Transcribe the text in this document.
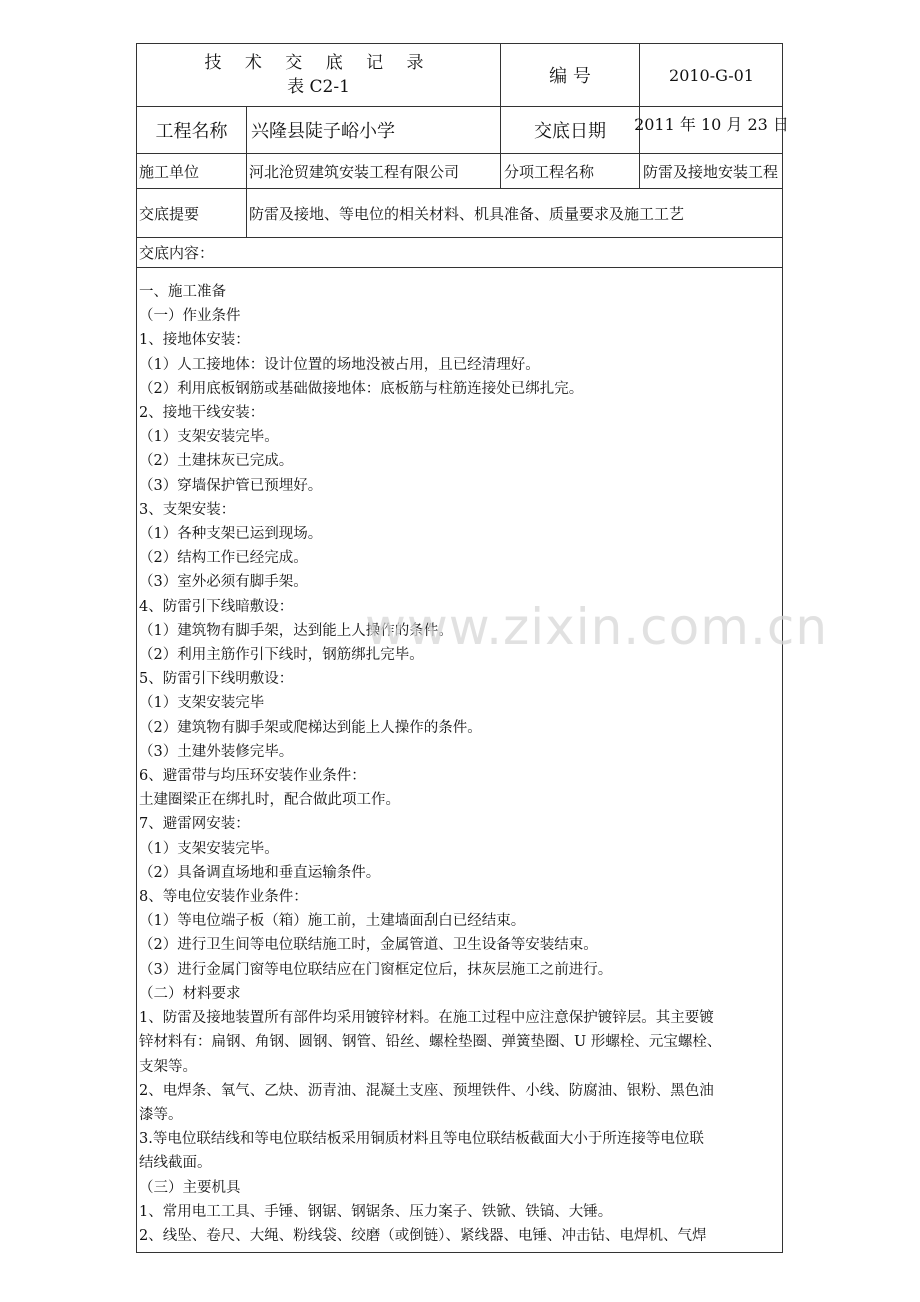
技 术 交 底 记 录
表 C2-1	编 号	2010-G-01
工程名称	兴隆县陡子峪小学	交底日期	2011 年 10 月 23 日
施工单位	河北沧贸建筑安装工程有限公司	分项工程名称	防雷及接地安装工程
交底提要	防雷及接地、等电位的相关材料、机具准备、质量要求及施工工艺
交底内容：
一、施工准备
（一）作业条件
1、接地体安装：
（1）人工接地体：设计位置的场地没被占用，且已经清理好。
（2）利用底板钢筋或基础做接地体：底板筋与柱筋连接处已绑扎完。
2、接地干线安装：
（1）支架安装完毕。
（2）土建抹灰已完成。
（3）穿墙保护管已预埋好。
3、支架安装：
（1）各种支架已运到现场。
（2）结构工作已经完成。
（3）室外必须有脚手架。
4、防雷引下线暗敷设：
（1）建筑物有脚手架，达到能上人操作的条件。
（2）利用主筋作引下线时，钢筋绑扎完毕。
5、防雷引下线明敷设：
（1）支架安装完毕
（2）建筑物有脚手架或爬梯达到能上人操作的条件。
（3）土建外装修完毕。
6、避雷带与均压环安装作业条件：
土建圈梁正在绑扎时，配合做此项工作。
7、避雷网安装：
（1）支架安装完毕。
（2）具备调直场地和垂直运输条件。
8、等电位安装作业条件：
（1）等电位端子板（箱）施工前，土建墙面刮白已经结束。
（2）进行卫生间等电位联结施工时，金属管道、卫生设备等安装结束。
（3）进行金属门窗等电位联结应在门窗框定位后，抹灰层施工之前进行。
（二）材料要求
1、防雷及接地装置所有部件均采用镀锌材料。在施工过程中应注意保护镀锌层。其主要镀
锌材料有：扁钢、角钢、圆钢、钢管、铅丝、螺栓垫圈、弹簧垫圈、U 形螺栓、元宝螺栓、
支架等。
2、电焊条、氧气、乙炔、沥青油、混凝土支座、预埋铁件、小线、防腐油、银粉、黑色油
漆等。
3.等电位联结线和等电位联结板采用铜质材料且等电位联结板截面大小于所连接等电位联
结线截面。
（三）主要机具
1、常用电工工具、手锤、钢锯、钢锯条、压力案子、铁锨、铁镐、大锤。
2、线坠、卷尺、大绳、粉线袋、绞磨（或倒链）、紧线器、电锤、冲击钻、电焊机、气焊
www.zixin.com.cn
